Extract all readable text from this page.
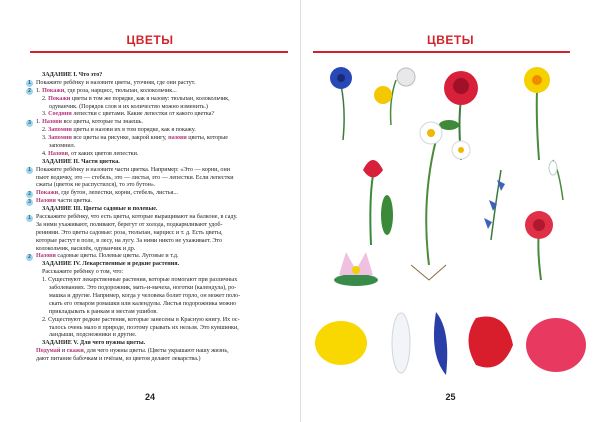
ЦВЕТЫ
ЗАДАНИЕ I. Что это?
1 Покажите ребёнку и назовите цветы, уточняя, где они растут.
2 1. Покажи, где роза, нарцисс, тюльпан, колокольчик...
2. Покажи цветы в том же порядке, как я назову: тюльпан, колокольчик,
одуванчик. (Порядок слов и их количество можно изменить.)
3. Соедини лепестки с цветами. Какие лепестки от какого цветка?
3 1. Назови все цветы, которые ты знаешь.
2. Запомни цветы и назови их в том порядке, как я покажу.
3. Запомни все цветы на рисунке, закрой книгу, назови цветы, которые
запомнил.
4. Назови, от каких цветов лепестки.
ЗАДАНИЕ II. Части цветка.
1 Покажите ребёнку и назовите части цветка. Например: «Это — корни, они
пьют водичку, это — стебель, это — листья, это — лепестки. Если лепестки
сжаты (цветок не распустился), то это бутон».
2 Покажи, где бутон, лепестки, корни, стебель, листья...
3 Назови части цветка.
ЗАДАНИЕ III. Цветы садовые и полевые.
1 Расскажите ребёнку, что есть цветы, которые выращивают на балконе, в саду.
За ними ухаживают, поливают, берегут от холода, подкармливают удоб-
рениями. Это цветы садовые: роза, тюльпан, нарцисс и т. д. Есть цветы,
которые растут в поле, в лесу, на лугу. За ними никто не ухаживает. Это
колокольчик, василёк, одуванчик и др.
2 Назови садовые цветы. Полевые цветы. Луговые и т.д.
ЗАДАНИЕ IV. Лекарственные и редкие растения.
Расскажите ребёнку о том, что:
1. Существуют лекарственные растения, которые помогают при различных
заболеваниях. Это подорожник, мать-и-мачеха, ноготки (календула), ро-
машка и другие. Например, когда у человека болит горло, он может поло-
скать его отваром ромашки или календулы. Листья подорожника можно
прикладывать к ранкам и местам ушибов.
2. Существуют редкие растения, которые занесены в Красную книгу. Их ос-
талось очень мало в природе, поэтому срывать их нельзя. Это кувшинки,
ландыши, подснежники и другие.
ЗАДАНИЕ V. Для чего нужны цветы.
Подумай и скажи, для чего нужны цветы. (Цветы украшают нашу жизнь,
дают питание бабочкам и пчёлам, из цветов делают лекарства.)
24
ЦВЕТЫ
25
